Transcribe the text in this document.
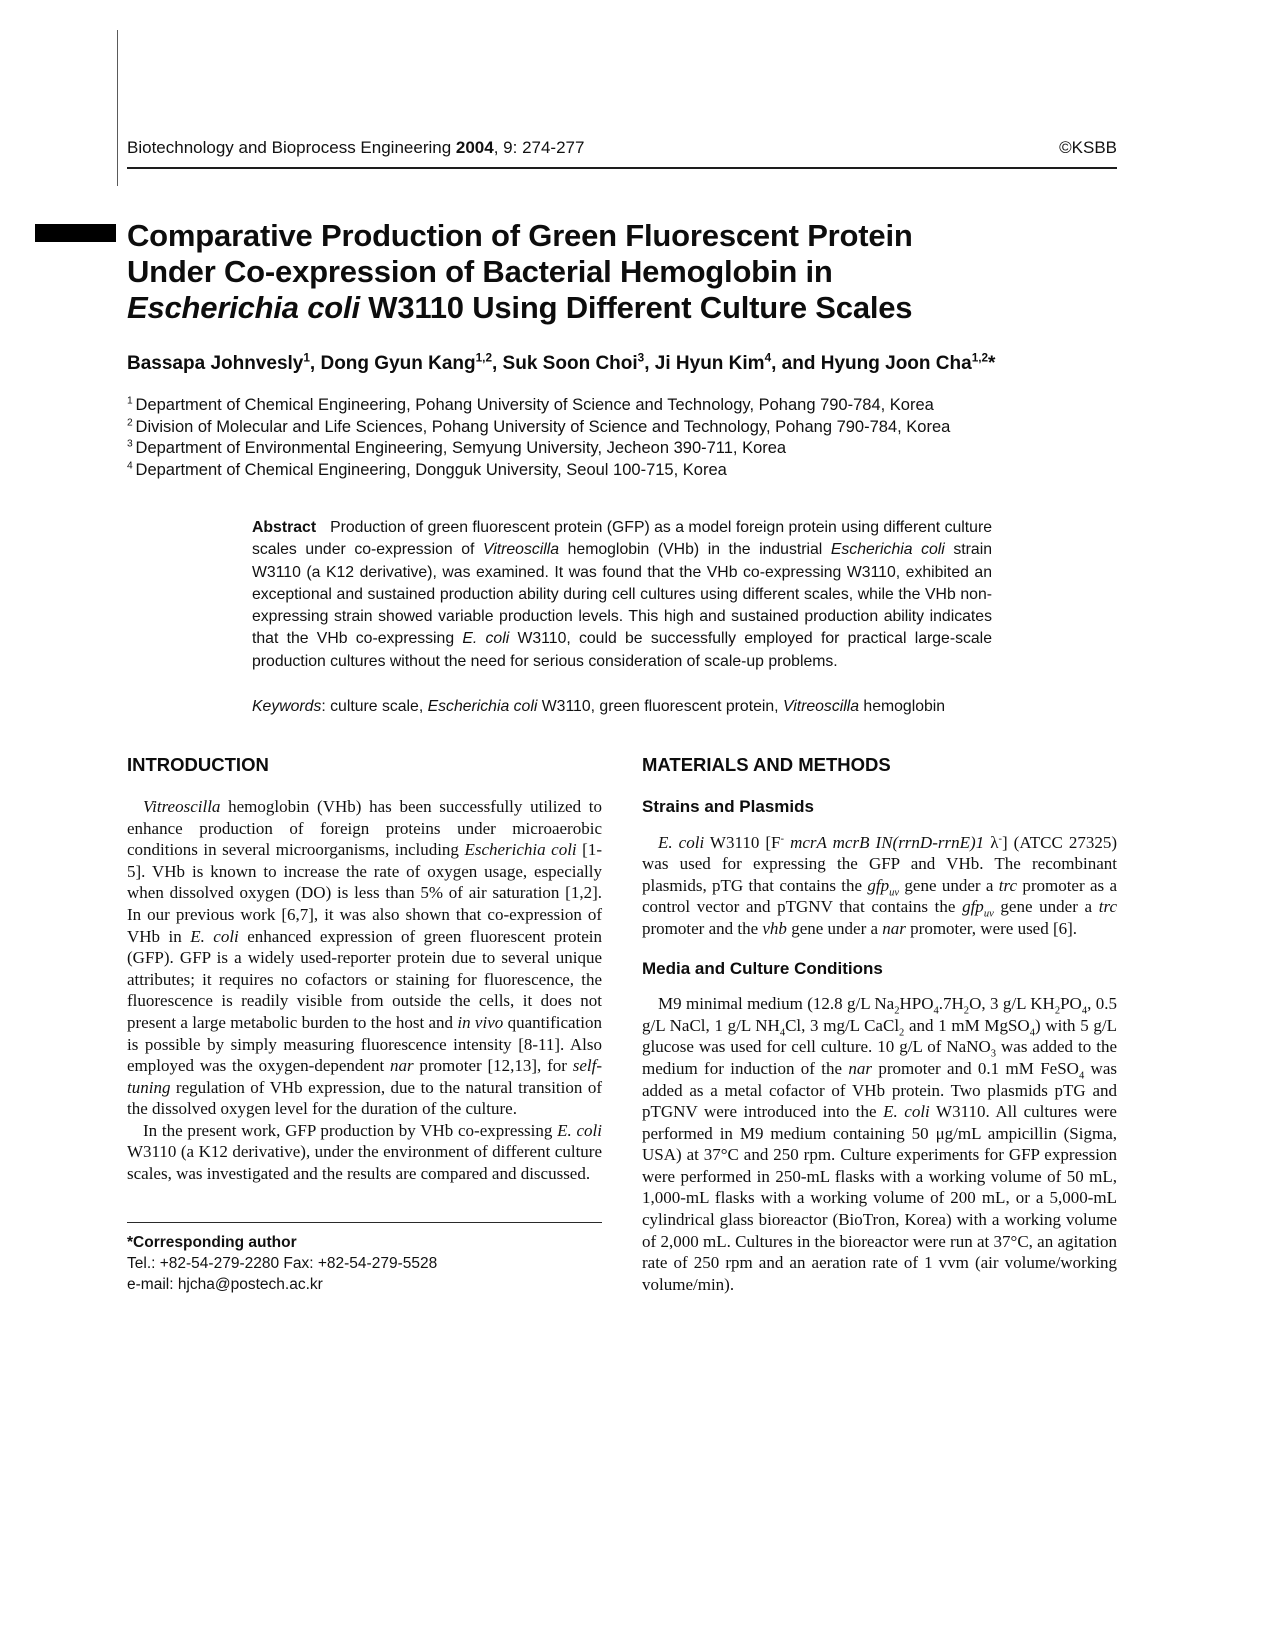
Biotechnology and Bioprocess Engineering 2004, 9: 274-277	©KSBB
Comparative Production of Green Fluorescent Protein
Under Co-expression of Bacterial Hemoglobin in
Escherichia coli W3110 Using Different Culture Scales
Bassapa Johnvesly$^1$, Dong Gyun Kang$^{1,2}$, Suk Soon Choi$^3$, Ji Hyun Kim$^4$, and Hyung Joon Cha$^{1,2}$*
$^1$ Department of Chemical Engineering, Pohang University of Science and Technology, Pohang 790-784, Korea
$^2$ Division of Molecular and Life Sciences, Pohang University of Science and Technology, Pohang 790-784, Korea
$^3$ Department of Environmental Engineering, Semyung University, Jecheon 390-711, Korea
$^4$ Department of Chemical Engineering, Dongguk University, Seoul 100-715, Korea

Abstract Production of green fluorescent protein (GFP) as a model foreign protein using different culture scales under co-expression of Vitreoscilla hemoglobin (VHb) in the industrial Escherichia coli strain W3110 (a K12 derivative), was examined. It was found that the VHb co-expressing W3110, exhibited an exceptional and sustained production ability during cell cultures using different scales, while the VHb non-expressing strain showed variable production levels. This high and sustained production ability indicates that the VHb co-expressing E. coli W3110, could be successfully employed for practical large-scale production cultures without the need for serious consideration of scale-up problems.

Keywords: culture scale, Escherichia coli W3110, green fluorescent protein, Vitreoscilla hemoglobin

INTRODUCTION

Vitreoscilla hemoglobin (VHb) has been successfully utilized to enhance production of foreign proteins under microaerobic conditions in several microorganisms, including Escherichia coli [1-5]. VHb is known to increase the rate of oxygen usage, especially when dissolved oxygen (DO) is less than 5% of air saturation [1,2]. In our previous work [6,7], it was also shown that co-expression of VHb in E. coli enhanced expression of green fluorescent protein (GFP). GFP is a widely used-reporter protein due to several unique attributes; it requires no cofactors or staining for fluorescence, the fluorescence is readily visible from outside the cells, it does not present a large metabolic burden to the host and in vivo quantification is possible by simply measuring fluorescence intensity [8-11]. Also employed was the oxygen-dependent nar promoter [12,13], for self-tuning regulation of VHb expression, due to the natural transition of the dissolved oxygen level for the duration of the culture.

In the present work, GFP production by VHb co-expressing E. coli W3110 (a K12 derivative), under the environment of different culture scales, was investigated and the results are compared and discussed.

*Corresponding author
Tel.: +82-54-279-2280 Fax: +82-54-279-5528
e-mail: hjcha@postech.ac.kr
MATERIALS AND METHODS
Strains and Plasmids

E. coli W3110 [F- mcrA mcrB IN(rrnD-rrnE)1 λ-] (ATCC 27325) was used for expressing the GFP and VHb. The recombinant plasmids, pTG that contains the gfp$_{uv}$ gene under a trc promoter as a control vector and pTGNV that contains the gfp$_{uv}$ gene under a trc promoter and the vhb gene under a nar promoter, were used [6].

Media and Culture Conditions

M9 minimal medium (12.8 g/L $Na_2HPO_4.7H_2O$, 3 g/L $KH_2PO_4$, 0.5 g/L NaCl, 1 g/L $NH_4Cl$, 3 mg/L CaCl$_2$ and 1 mM MgSO$_4$) with 5 g/L glucose was used for cell culture. 10 g/L of NaNO$_3$ was added to the medium for induction of the nar promoter and 0.1 mM FeSO$_4$ was added as a metal cofactor of VHb protein. Two plasmids pTG and pTGNV were introduced into the E. coli W3110. All cultures were performed in M9 medium containing 50 μg/mL ampicillin (Sigma, USA) at 37°C and 250 rpm. Culture experiments for GFP expression were performed in 250-mL flasks with a working volume of 50 mL, 1,000-mL flasks with a working volume of 200 mL, or a 5,000-mL cylindrical glass bioreactor (BioTron, Korea) with a working volume of 2,000 mL. Cultures in the bioreactor were run at 37°C, an agitation rate of 250 rpm and an aeration rate of 1 vvm (air volume/working volume/min).
